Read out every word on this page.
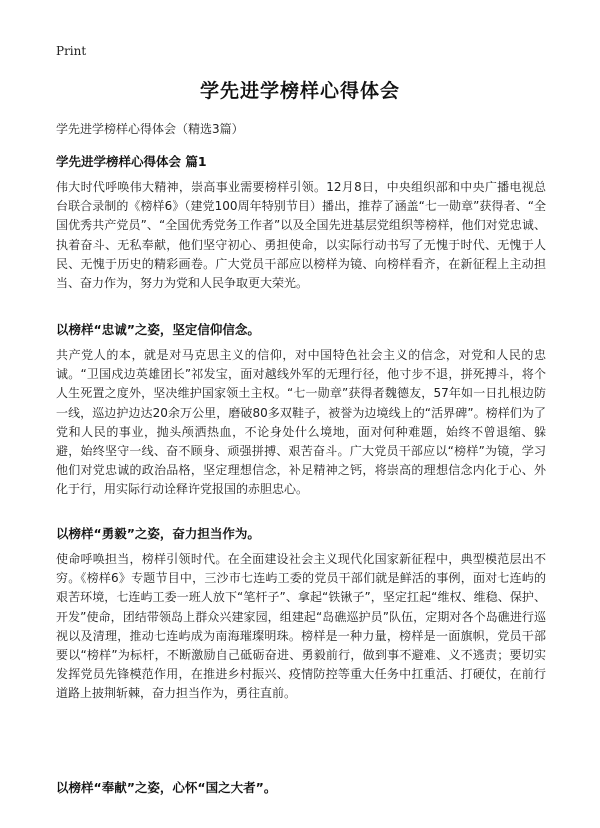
Print
学先进学榜样心得体会
学先进学榜样心得体会（精选3篇）
学先进学榜样心得体会 篇1
伟大时代呼唤伟大精神，崇高事业需要榜样引领。12月8日，中央组织部和中央广播电视总台联合录制的《榜样6》（建党100周年特别节目）播出，推荐了涵盖“七一勋章”获得者、“全国优秀共产党员”、“全国优秀党务工作者”以及全国先进基层党组织等榜样，他们对党忠诚、执着奋斗、无私奉献，他们坚守初心、勇担使命，以实际行动书写了无愧于时代、无愧于人民、无愧于历史的精彩画卷。广大党员干部应以榜样为镜、向榜样看齐，在新征程上主动担当、奋力作为，努力为党和人民争取更大荣光。
以榜样“忠诚”之姿，坚定信仰信念。
共产党人的本，就是对马克思主义的信仰，对中国特色社会主义的信念，对党和人民的忠诚。“卫国戍边英雄团长”祁发宝，面对越线外军的无理行径，他寸步不退，拼死搏斗，将个人生死置之度外，坚决维护国家领土主权。“七一勋章”获得者魏德友，57年如一日扎根边防一线，巡边护边达20余万公里，磨破80多双鞋子，被誉为边境线上的“活界碑”。榜样们为了党和人民的事业，抛头颅洒热血，不论身处什么境地，面对何种难题，始终不曾退缩、躲避，始终坚守一线、奋不顾身、顽强拼搏、艰苦奋斗。广大党员干部应以“榜样”为镜，学习他们对党忠诚的政治品格，坚定理想信念，补足精神之钙，将崇高的理想信念内化于心、外化于行，用实际行动诠释许党报国的赤胆忠心。
以榜样“勇毅”之姿，奋力担当作为。
使命呼唤担当，榜样引领时代。在全面建设社会主义现代化国家新征程中，典型模范层出不穷。《榜样6》专题节目中，三沙市七连屿工委的党员干部们就是鲜活的事例，面对七连屿的艰苦环境，七连屿工委一班人放下“笔杆子”、拿起“铁锹子”，坚定扛起“维权、维稳、保护、开发”使命，团结带领岛上群众兴建家园，组建起“岛礁巡护员”队伍，定期对各个岛礁进行巡视以及清理，推动七连屿成为南海璀璨明珠。榜样是一种力量，榜样是一面旗帜，党员干部要以“榜样”为标杆，不断激励自己砥砺奋进、勇毅前行，做到事不避难、义不逃责；要切实发挥党员先锋模范作用，在推进乡村振兴、疫情防控等重大任务中扛重活、打硬仗，在前行道路上披荆斩棘，奋力担当作为，勇往直前。
以榜样“奉献”之姿，心怀“国之大者”。
